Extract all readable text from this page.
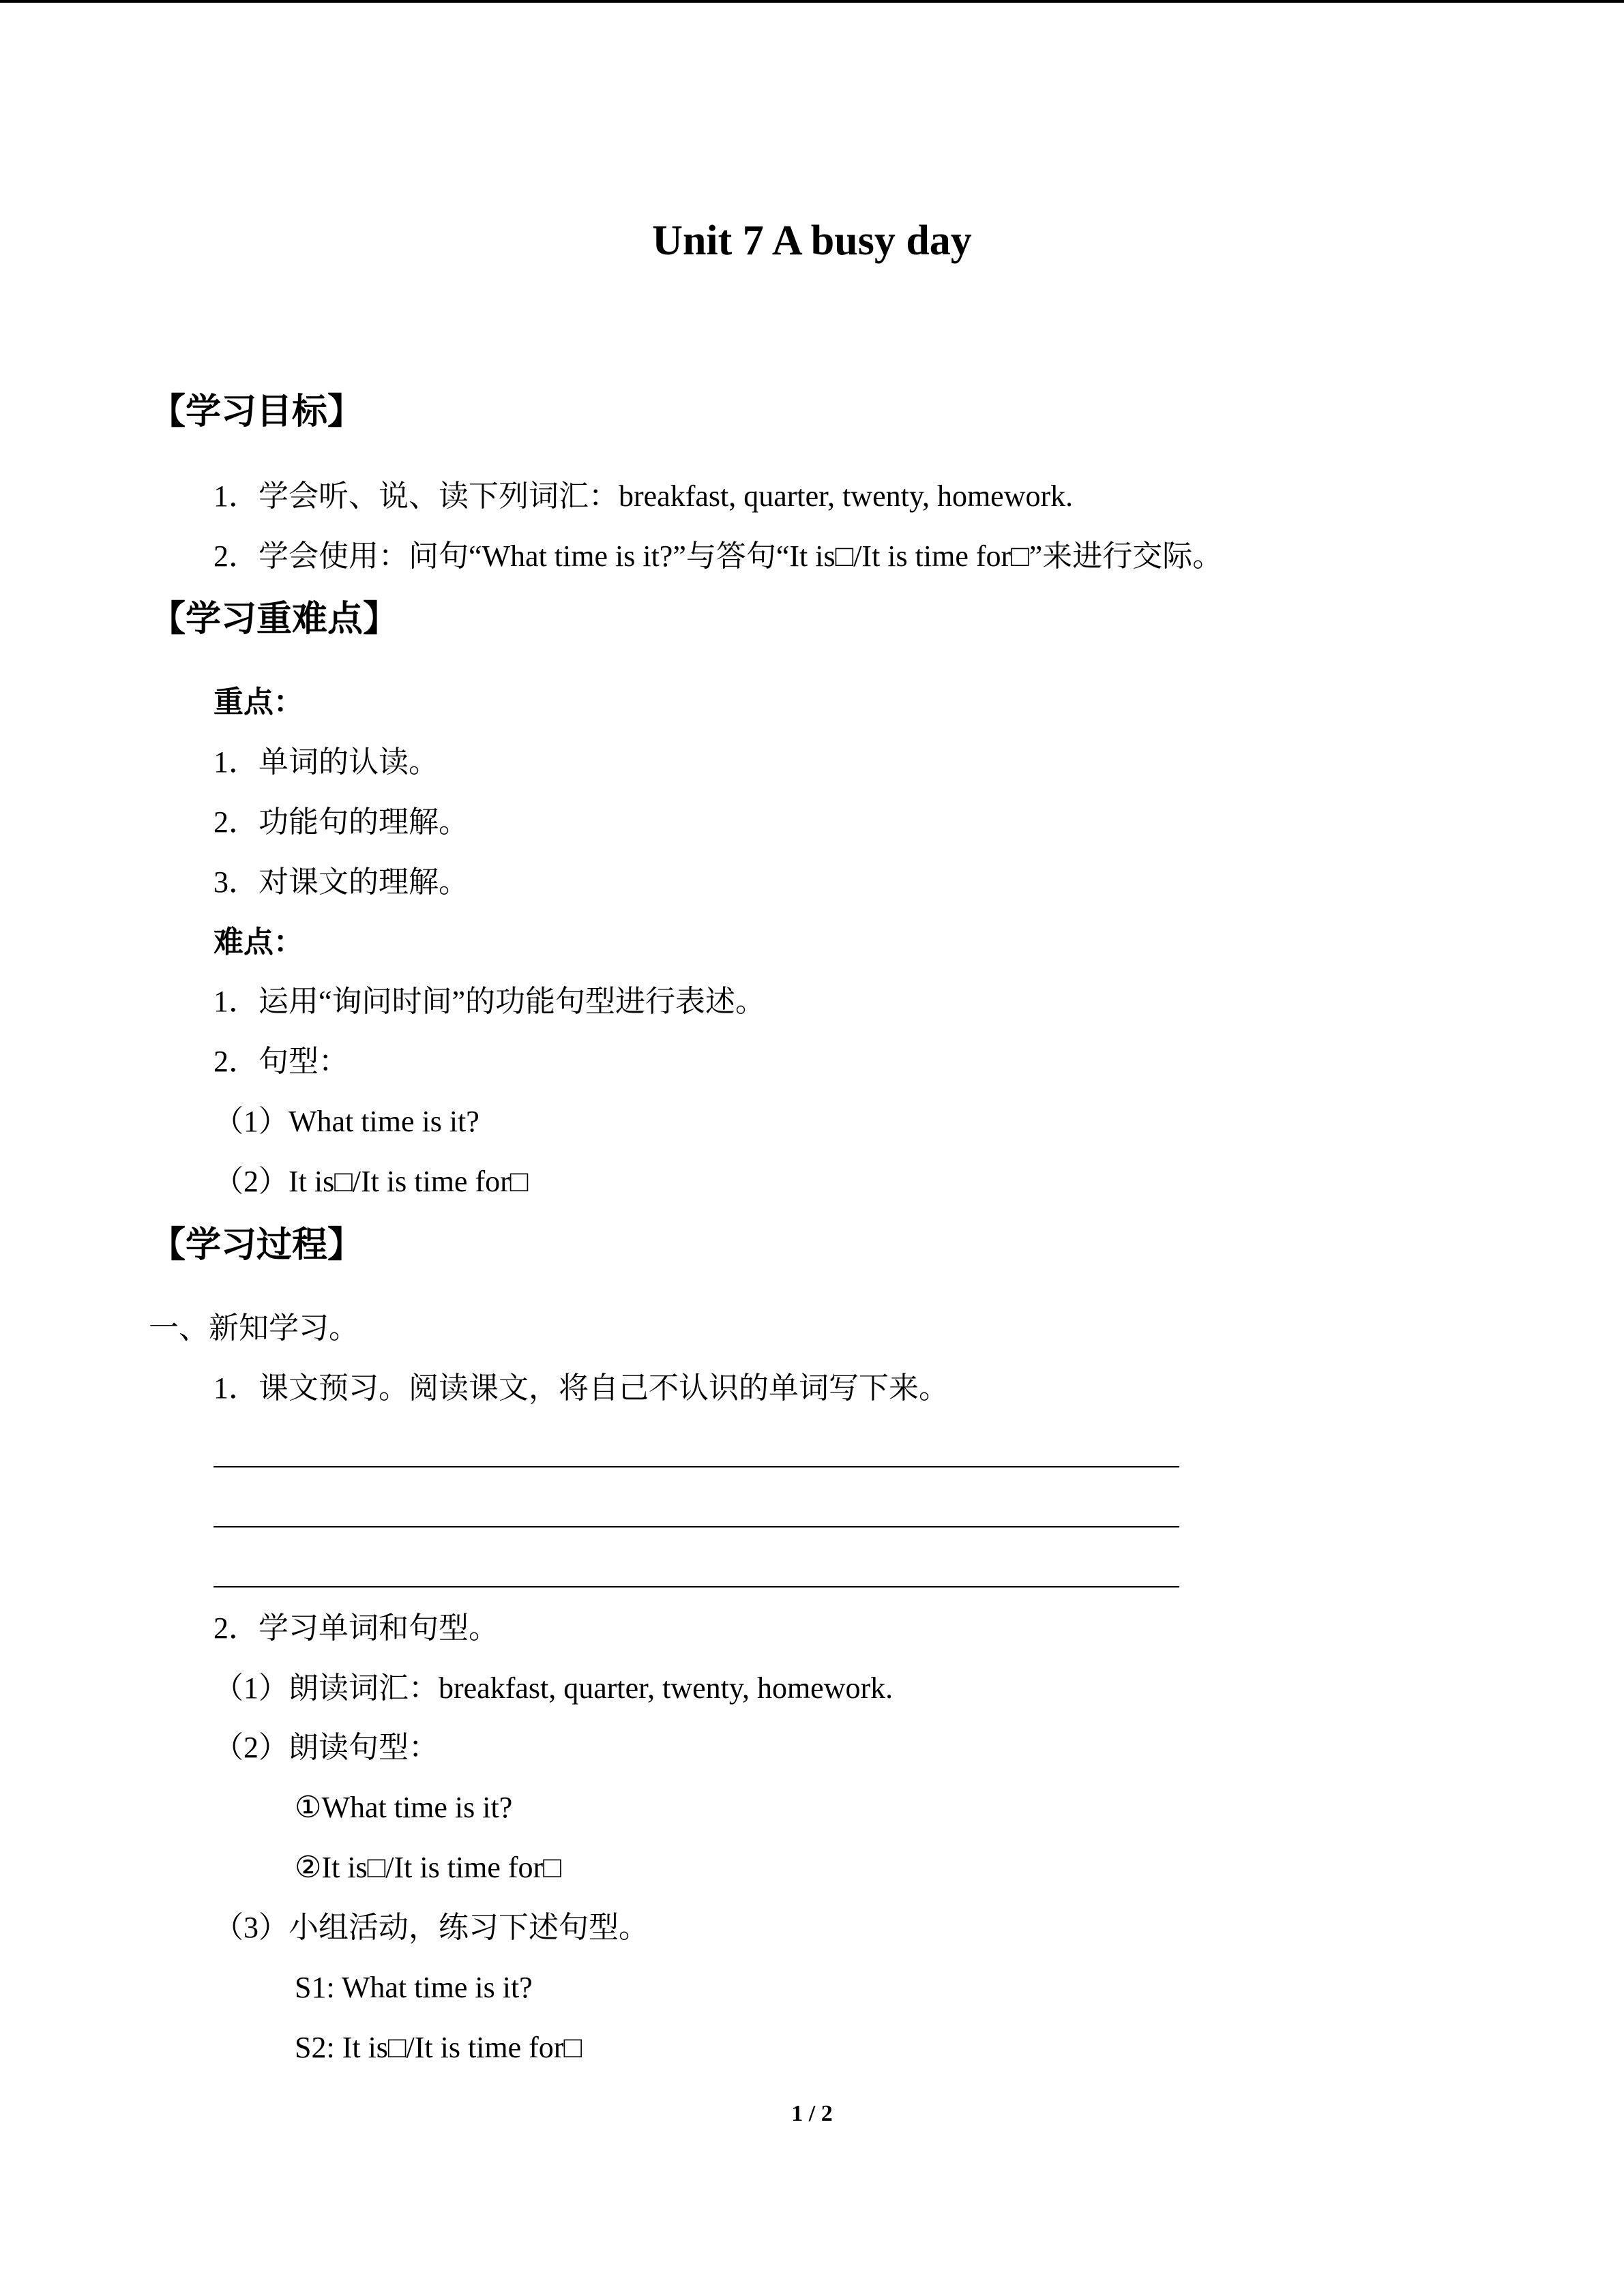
Unit 7 A busy day
【学习目标】
1．学会听、说、读下列词汇：breakfast, quarter, twenty, homework.
2．学会使用：问句“What time is it?”与答句“It is□/It is time for□”来进行交际。
【学习重难点】
重点：
1．单词的认读。
2．功能句的理解。
3．对课文的理解。
难点：
1．运用“询问时间”的功能句型进行表述。
2．句型：
（1）What time is it?
（2）It is□/It is time for□
【学习过程】
一、新知学习。
1．课文预习。阅读课文，将自己不认识的单词写下来。
2．学习单词和句型。
（1）朗读词汇：breakfast, quarter, twenty, homework.
（2）朗读句型：
①What time is it?
②It is□/It is time for□
（3）小组活动，练习下述句型。
S1: What time is it?
S2: It is□/It is time for□
1 / 2
